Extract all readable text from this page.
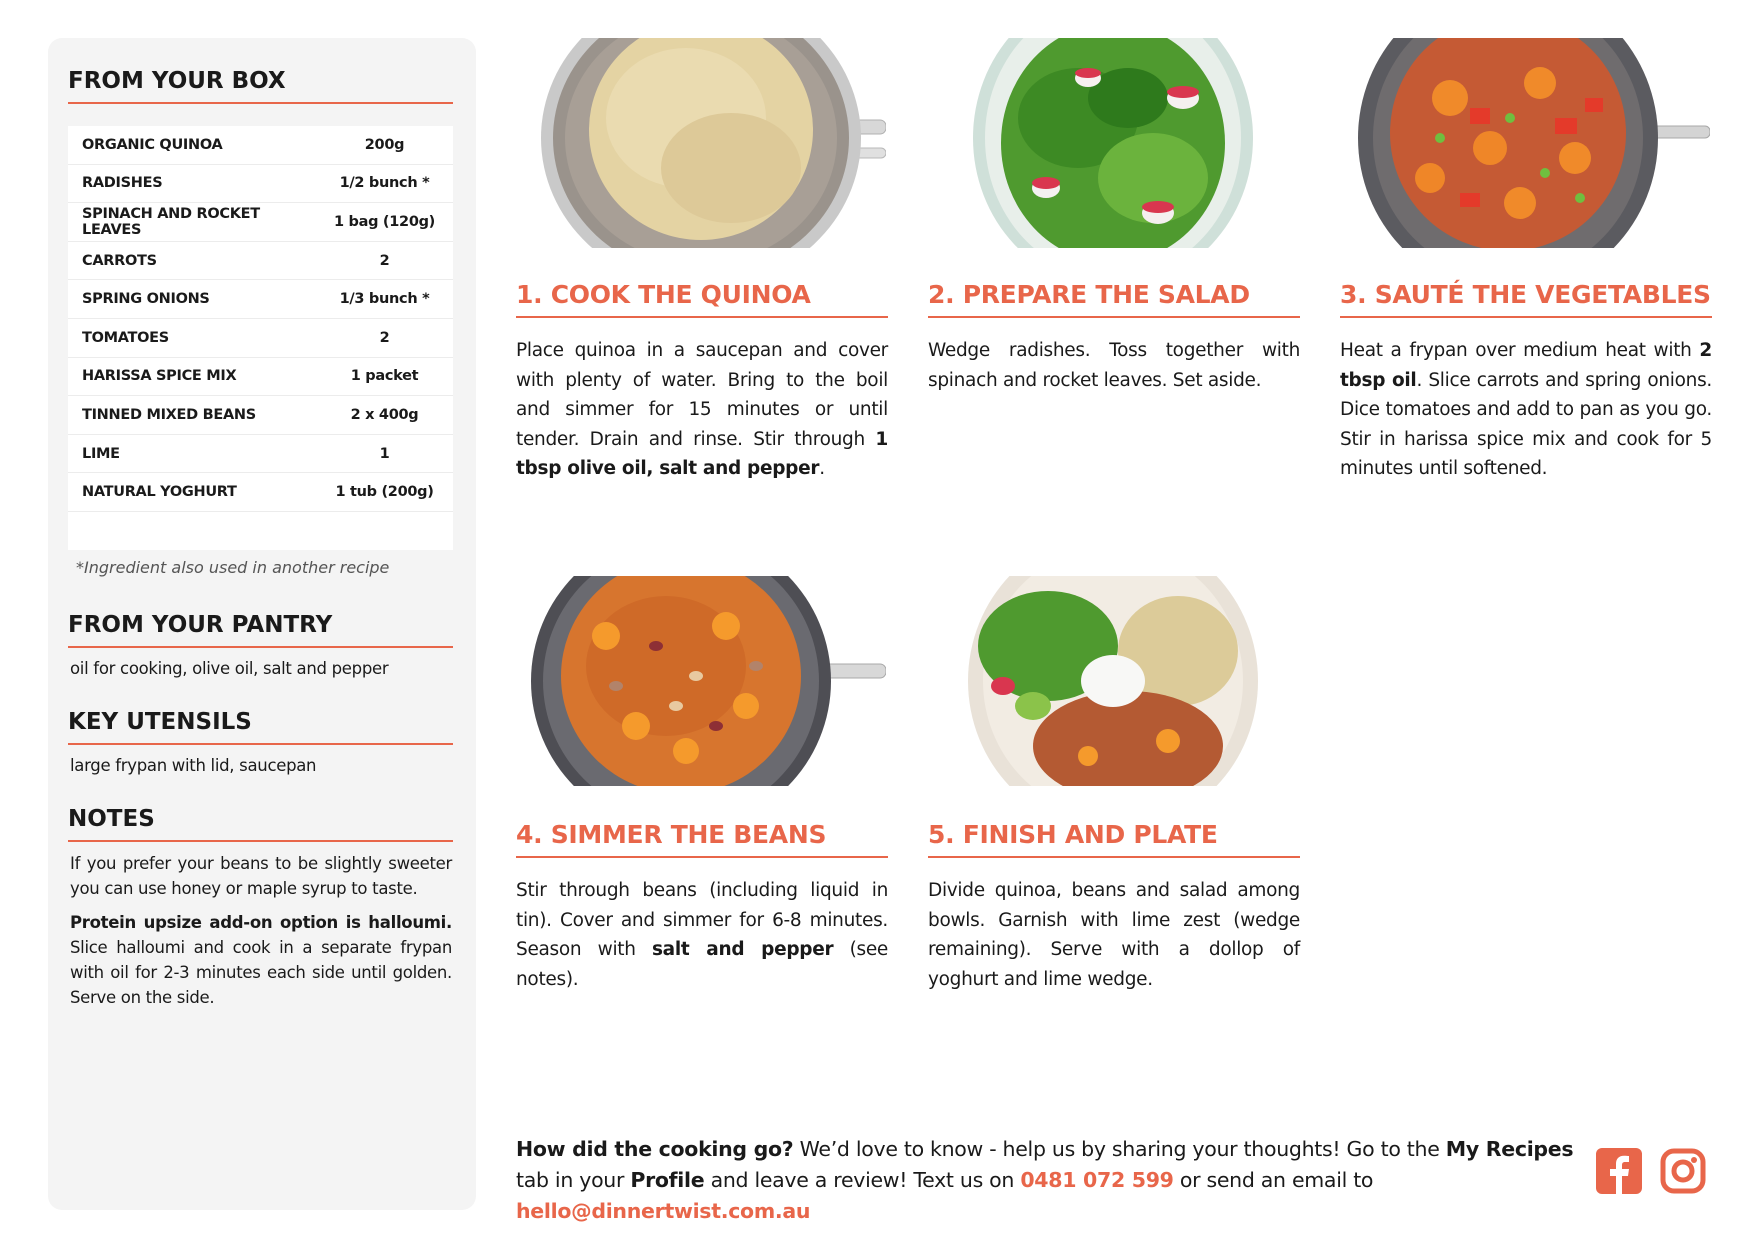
FROM YOUR BOX
ORGANIC QUINOA	200g
RADISHES	1/2 bunch *
SPINACH AND ROCKET LEAVES	1 bag (120g)
CARROTS	2
SPRING ONIONS	1/3 bunch *
TOMATOES	2
HARISSA SPICE MIX	1 packet
TINNED MIXED BEANS	2 x 400g
LIME	1
NATURAL YOGHURT	1 tub (200g)
*Ingredient also used in another recipe
FROM YOUR PANTRY
oil for cooking, olive oil, salt and pepper
KEY UTENSILS
large frypan with lid, saucepan
NOTES
If you prefer your beans to be slightly sweeter you can use honey or maple syrup to taste.
Protein upsize add-on option is halloumi. Slice halloumi and cook in a separate frypan with oil for 2-3 minutes each side until golden. Serve on the side.
1. COOK THE QUINOA
Place quinoa in a saucepan and cover with plenty of water. Bring to the boil and simmer for 15 minutes or until tender. Drain and rinse. Stir through 1 tbsp olive oil, salt and pepper.
2. PREPARE THE SALAD
Wedge radishes. Toss together with spinach and rocket leaves. Set aside.
3. SAUTÉ THE VEGETABLES
Heat a frypan over medium heat with 2 tbsp oil. Slice carrots and spring onions. Dice tomatoes and add to pan as you go. Stir in harissa spice mix and cook for 5 minutes until softened.
4. SIMMER THE BEANS
Stir through beans (including liquid in tin). Cover and simmer for 6-8 minutes. Season with salt and pepper (see notes).
5. FINISH AND PLATE
Divide quinoa, beans and salad among bowls. Garnish with lime zest (wedge remaining). Serve with a dollop of yoghurt and lime wedge.
How did the cooking go? We’d love to know - help us by sharing your thoughts! Go to the My Recipes tab in your Profile and leave a review! Text us on 0481 072 599 or send an email to hello@dinnertwist.com.au
